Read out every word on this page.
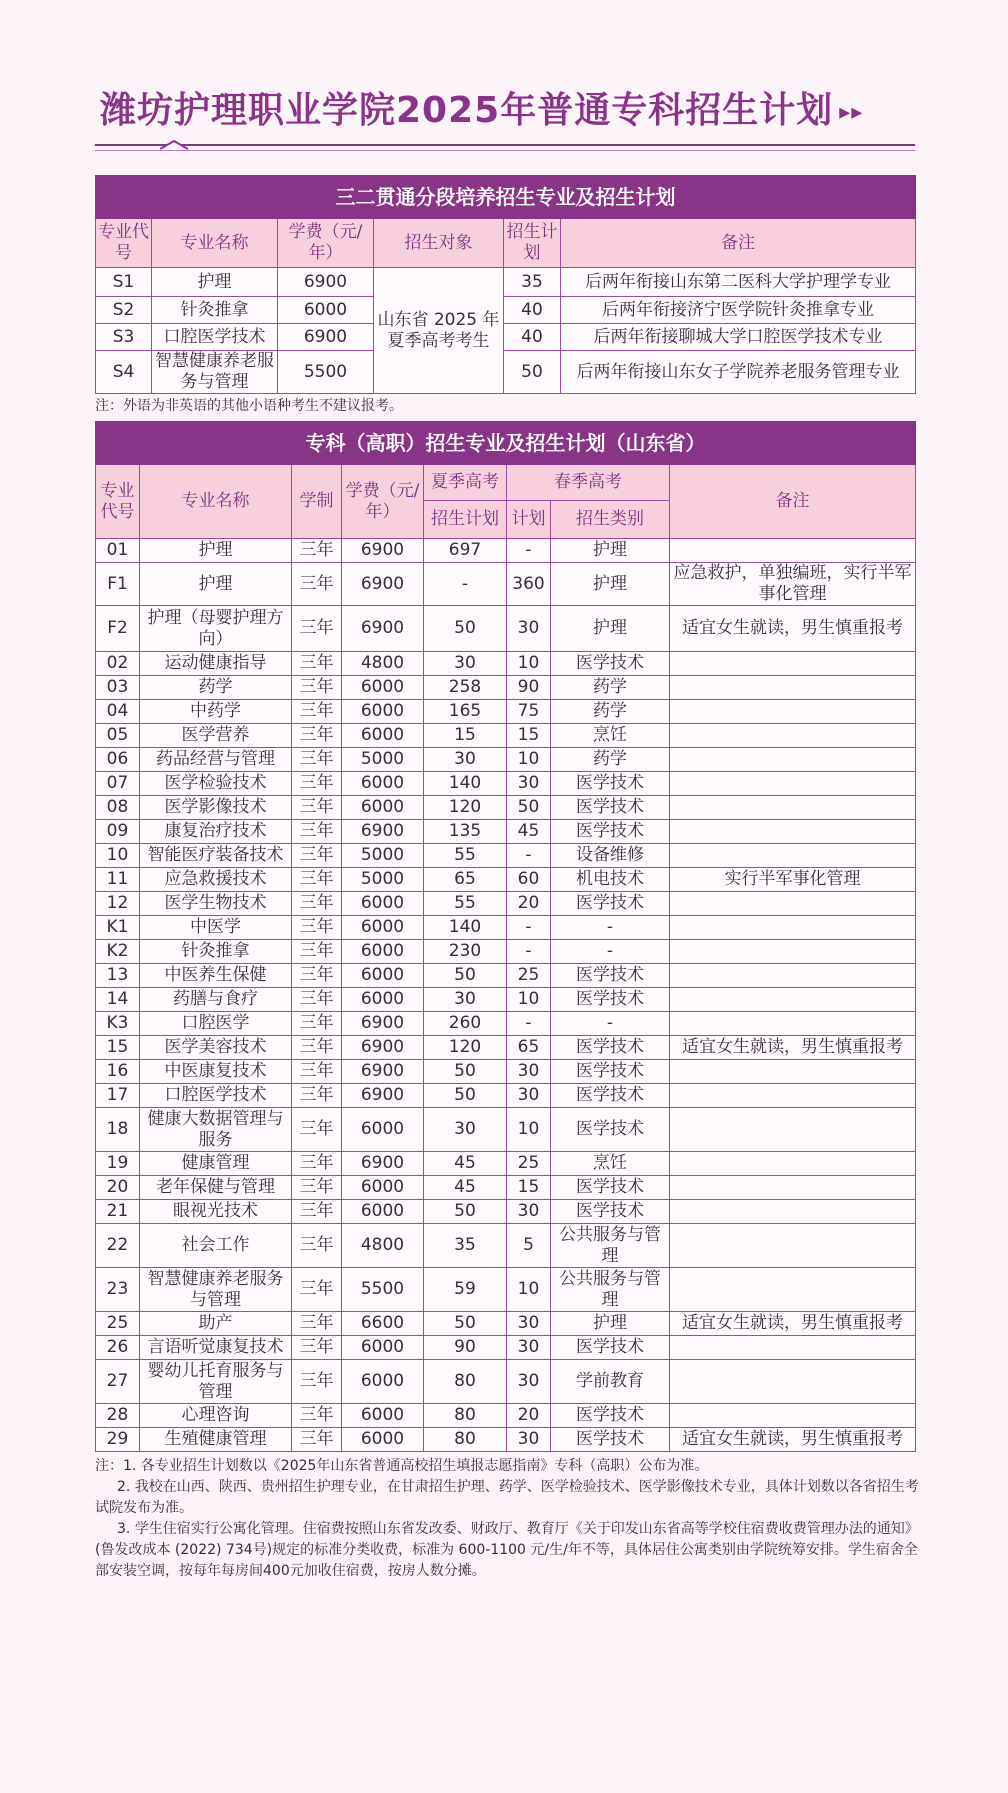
潍坊护理职业学院2025年普通专科招生计划 ▸▸
三二贯通分段培养招生专业及招生计划					
专业代号	专业名称	学费（元/年）	招生对象	招生计划	备注
S1	护理	6900	山东省 2025 年夏季高考考生	35	后两年衔接山东第二医科大学护理学专业
S2	针灸推拿	6000		40	后两年衔接济宁医学院针灸推拿专业
S3	口腔医学技术	6900		40	后两年衔接聊城大学口腔医学技术专业
S4	智慧健康养老服务与管理	5500		50	后两年衔接山东女子学院养老服务管理专业
注：外语为非英语的其他小语种考生不建议报考。
专科（高职）招生专业及招生计划（山东省）							
专业代号	专业名称	学制	学费（元/年）	夏季高考	春季高考		备注
				招生计划	计划	招生类别	
01	护理	三年	6900	697	-	护理	
F1	护理	三年	6900	-	360	护理	应急救护，单独编班，实行半军事化管理
F2	护理（母婴护理方向）	三年	6900	50	30	护理	适宜女生就读，男生慎重报考
02	运动健康指导	三年	4800	30	10	医学技术	
03	药学	三年	6000	258	90	药学	
04	中药学	三年	6000	165	75	药学	
05	医学营养	三年	6000	15	15	烹饪	
06	药品经营与管理	三年	5000	30	10	药学	
07	医学检验技术	三年	6000	140	30	医学技术	
08	医学影像技术	三年	6000	120	50	医学技术	
09	康复治疗技术	三年	6900	135	45	医学技术	
10	智能医疗装备技术	三年	5000	55	-	设备维修	
11	应急救援技术	三年	5000	65	60	机电技术	实行半军事化管理
12	医学生物技术	三年	6000	55	20	医学技术	
K1	中医学	三年	6000	140	-	-	
K2	针灸推拿	三年	6000	230	-	-	
13	中医养生保健	三年	6000	50	25	医学技术	
14	药膳与食疗	三年	6000	30	10	医学技术	
K3	口腔医学	三年	6900	260	-	-	
15	医学美容技术	三年	6900	120	65	医学技术	适宜女生就读，男生慎重报考
16	中医康复技术	三年	6900	50	30	医学技术	
17	口腔医学技术	三年	6900	50	30	医学技术	
18	健康大数据管理与服务	三年	6000	30	10	医学技术	
19	健康管理	三年	6900	45	25	烹饪	
20	老年保健与管理	三年	6000	45	15	医学技术	
21	眼视光技术	三年	6000	50	30	医学技术	
22	社会工作	三年	4800	35	5	公共服务与管理	
23	智慧健康养老服务与管理	三年	5500	59	10	公共服务与管理	
25	助产	三年	6600	50	30	护理	适宜女生就读，男生慎重报考
26	言语听觉康复技术	三年	6000	90	30	医学技术	
27	婴幼儿托育服务与管理	三年	6000	80	30	学前教育	
28	心理咨询	三年	6000	80	20	医学技术	
29	生殖健康管理	三年	6000	80	30	医学技术	适宜女生就读，男生慎重报考

注：1. 各专业招生计划数以《2025年山东省普通高校招生填报志愿指南》专科（高职）公布为准。

2. 我校在山西、陕西、贵州招生护理专业，在甘肃招生护理、药学、医学检验技术、医学影像技术专业，具体计划数以各省招生考试院发布为准。

3. 学生住宿实行公寓化管理。住宿费按照山东省发改委、财政厅、教育厅《关于印发山东省高等学校住宿费收费管理办法的通知》(鲁发改成本 (2022) 734号)规定的标准分类收费，标准为 600-1100 元/生/年不等，具体居住公寓类别由学院统筹安排。学生宿舍全部安装空调，按每年每房间400元加收住宿费，按房人数分摊。
